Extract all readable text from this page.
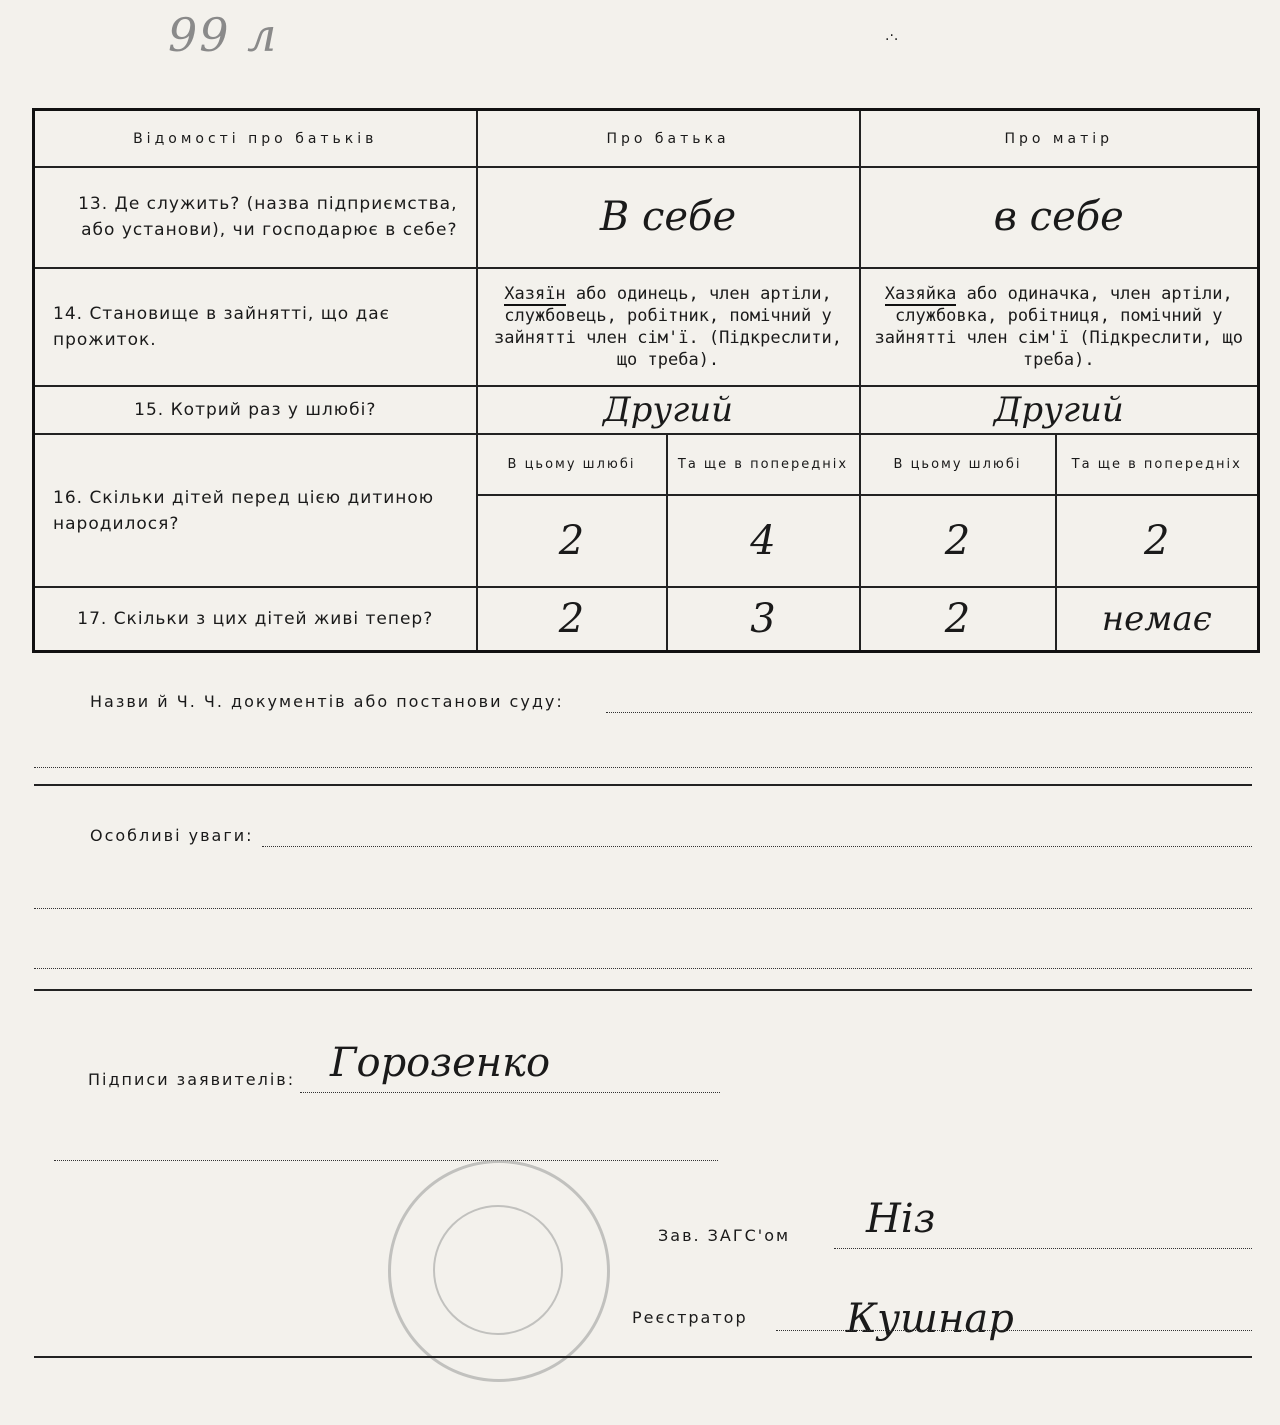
99 л	.·.
Відомості про батьків	Про батька		Про матір	
13. Де служить? (назва підприємства, або установи), чи господарює в себе?	В себе		в себе	
14. Становище в зайнятті, що дає прожиток.	Хазяїн або одинець, член артіли, службовець, робітник, помічний у зайнятті член сім'ї. (Підкреслити, що треба).		Хазяйка або одиначка, член артіли, службовка, робітниця, помічний у зайнятті член сім'ї (Підкреслити, що треба).	
15. Котрий раз у шлюбі?	Другий		Другий	
16. Скільки дітей перед цією дитиною народилося?	В цьому шлюбі	Та ще в попередніх	В цьому шлюбі	Та ще в попередніх
	2	4	2	2
17. Скільки з цих дітей живі тепер?	2	3	2	немає
Назви й Ч. Ч. документів або постанови суду:
Особливі уваги:
Підписи заявителів: Горозенко
Зав. ЗАГС'ом Ніз
Реєстратор Кушнар
